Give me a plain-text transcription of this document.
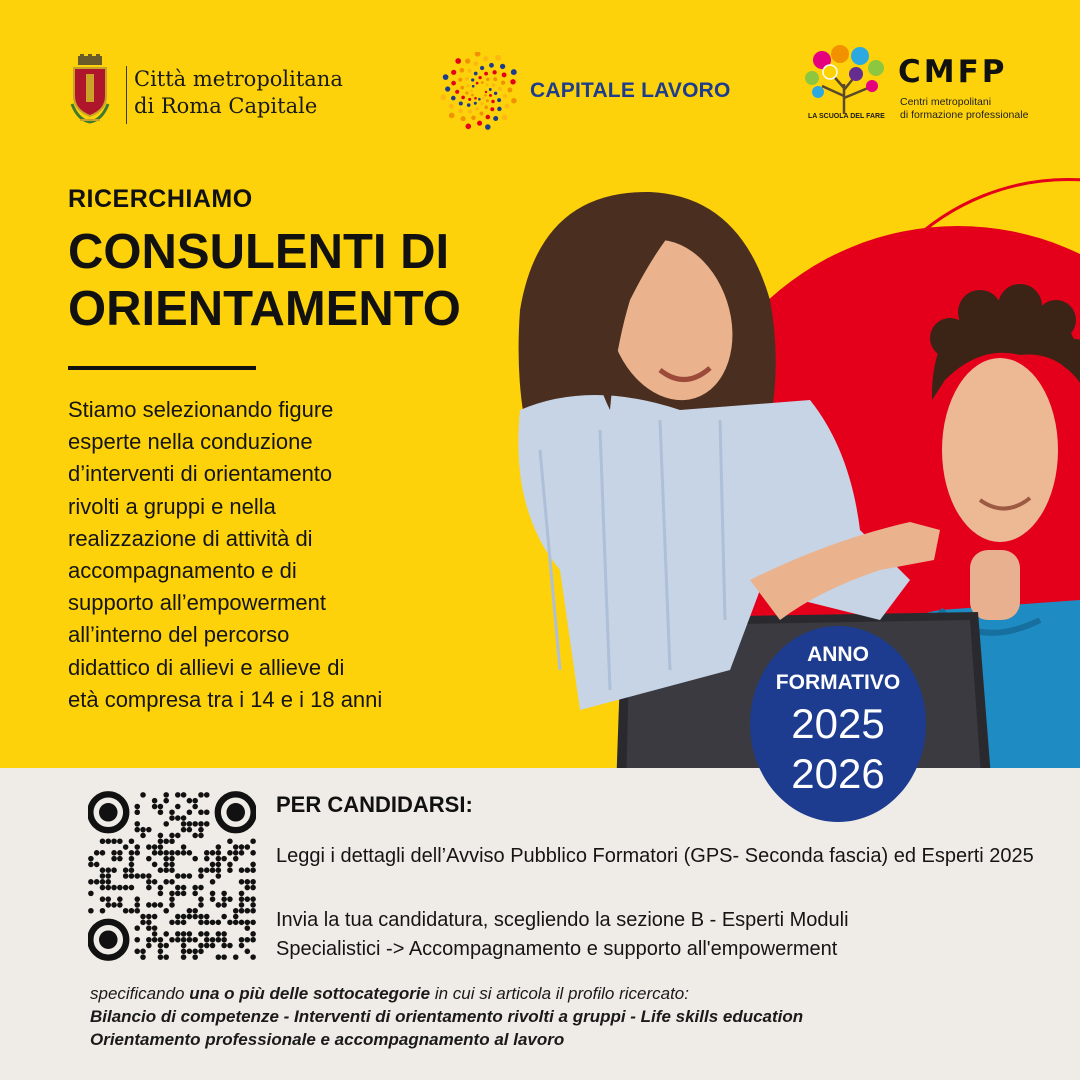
Città metropolitana
di Roma Capitale
CAPITALE LAVORO
LA SCUOLA DEL FARE
CMFP
Centri metropolitani
di formazione professionale
RICERCHIAMO
CONSULENTI DI
ORIENTAMENTO
Stiamo selezionando figure
esperte nella conduzione
d’interventi di orientamento
rivolti a gruppi e nella
realizzazione di attività di
accompagnamento e di
supporto all’empowerment
all’interno del percorso
didattico di allievi e allieve di
età compresa tra i 14 e i 18 anni
ANNO
FORMATIVO
2025
2026
PER CANDIDARSI:
Leggi i dettagli dell’Avviso Pubblico Formatori (GPS- Seconda fascia) ed Esperti 2025
Invia la tua candidatura, scegliendo la sezione B - Esperti Moduli
Specialistici -> Accompagnamento e supporto all'empowerment
specificando una o più delle sottocategorie in cui si articola il profilo ricercato:
Bilancio di competenze - Interventi di orientamento rivolti a gruppi - Life skills education
Orientamento professionale e accompagnamento al lavoro
